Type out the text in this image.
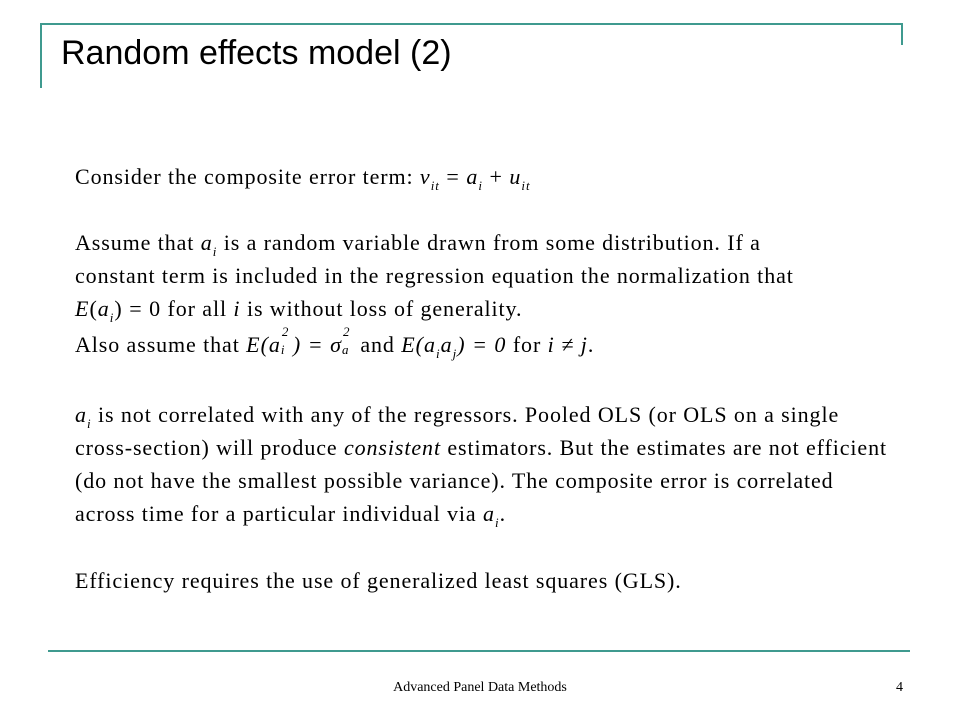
Random effects model (2)
Consider the composite error term: $v_{it} = a_i + u_{it}$
Assume that $a_i$ is a random variable drawn from some distribution. If a
constant term is included in the regression equation the normalization that
$E(a_i) = 0$ for all i is without loss of generality.
Also assume that E(a
2
i ) = σ
2
a and $E(a_ia_j) = 0$ for i ≠ j.
$a_i$ is not correlated with any of the regressors. Pooled OLS (or OLS on a single
cross-section) will produce consistent estimators. But the estimates are not efficient
(do not have the smallest possible variance). The composite error is correlated
across time for a particular individual via $a_i$.
Efficiency requires the use of generalized least squares (GLS).
Advanced Panel Data Methods	4
